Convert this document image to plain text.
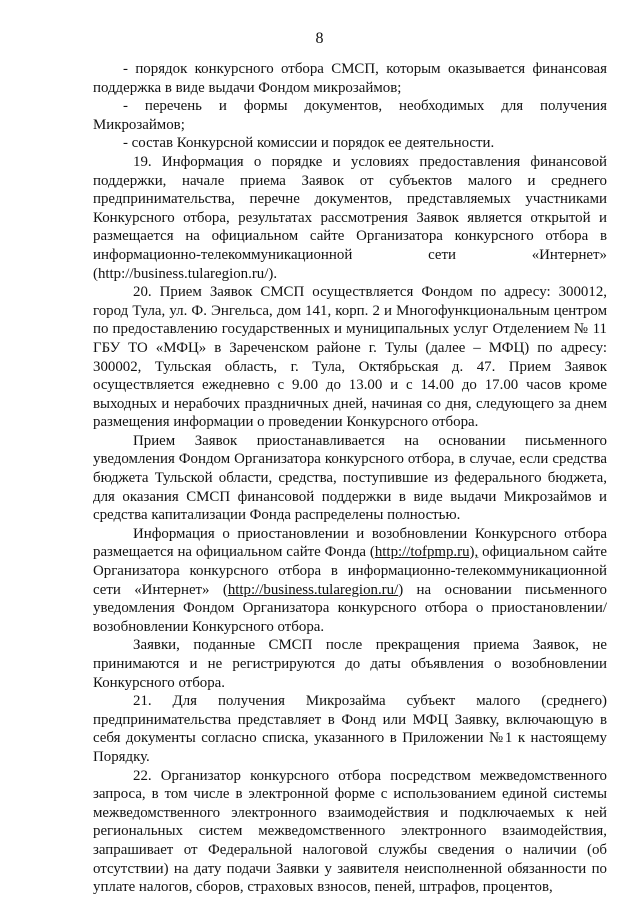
8

- порядок конкурсного отбора СМСП, которым оказывается финансовая поддержка в виде выдачи Фондом микрозаймов;

- перечень и формы документов, необходимых для получения Микрозаймов;

- состав Конкурсной комиссии и порядок ее деятельности.

19. Информация о порядке и условиях предоставления финансовой поддержки, начале приема Заявок от субъектов малого и среднего предпринимательства, перечне документов, представляемых участниками Конкурсного отбора, результатах рассмотрения Заявок является открытой и размещается на официальном сайте Организатора конкурсного отбора в информационно-телекоммуникационной сети «Интернет» (http://business.tularegion.ru/).

20. Прием Заявок СМСП осуществляется Фондом по адресу: 300012, город Тула, ул. Ф. Энгельса, дом 141, корп. 2 и Многофункциональным центром по предоставлению государственных и муниципальных услуг Отделением № 11 ГБУ ТО «МФЦ» в Зареченском районе г. Тулы (далее – МФЦ) по адресу: 300002, Тульская область, г. Тула, Октябрьская д. 47. Прием Заявок осуществляется ежедневно с 9.00 до 13.00 и с 14.00 до 17.00 часов кроме выходных и нерабочих праздничных дней, начиная со дня, следующего за днем размещения информации о проведении Конкурсного отбора.

Прием Заявок приостанавливается на основании письменного уведомления Фондом Организатора конкурсного отбора, в случае, если средства бюджета Тульской области, средства, поступившие из федерального бюджета, для оказания СМСП финансовой поддержки в виде выдачи Микрозаймов и средства капитализации Фонда распределены полностью.

Информация о приостановлении и возобновлении Конкурсного отбора размещается на официальном сайте Фонда (http://tofpmp.ru), официальном сайте Организатора конкурсного отбора в информационно-телекоммуникационной сети «Интернет» (http://business.tularegion.ru/) на основании письменного уведомления Фондом Организатора конкурсного отбора о приостановлении/возобновлении Конкурсного отбора.

Заявки, поданные СМСП после прекращения приема Заявок, не принимаются и не регистрируются до даты объявления о возобновлении Конкурсного отбора.

21. Для получения Микрозайма субъект малого (среднего) предпринимательства представляет в Фонд или МФЦ Заявку, включающую в себя документы согласно списка, указанного в Приложении №1 к настоящему Порядку.

22. Организатор конкурсного отбора посредством межведомственного запроса, в том числе в электронной форме с использованием единой системы межведомственного электронного взаимодействия и подключаемых к ней региональных систем межведомственного электронного взаимодействия, запрашивает от Федеральной налоговой службы сведения о наличии (об отсутствии) на дату подачи Заявки у заявителя неисполненной обязанности по уплате налогов, сборов, страховых взносов, пеней, штрафов, процентов,
